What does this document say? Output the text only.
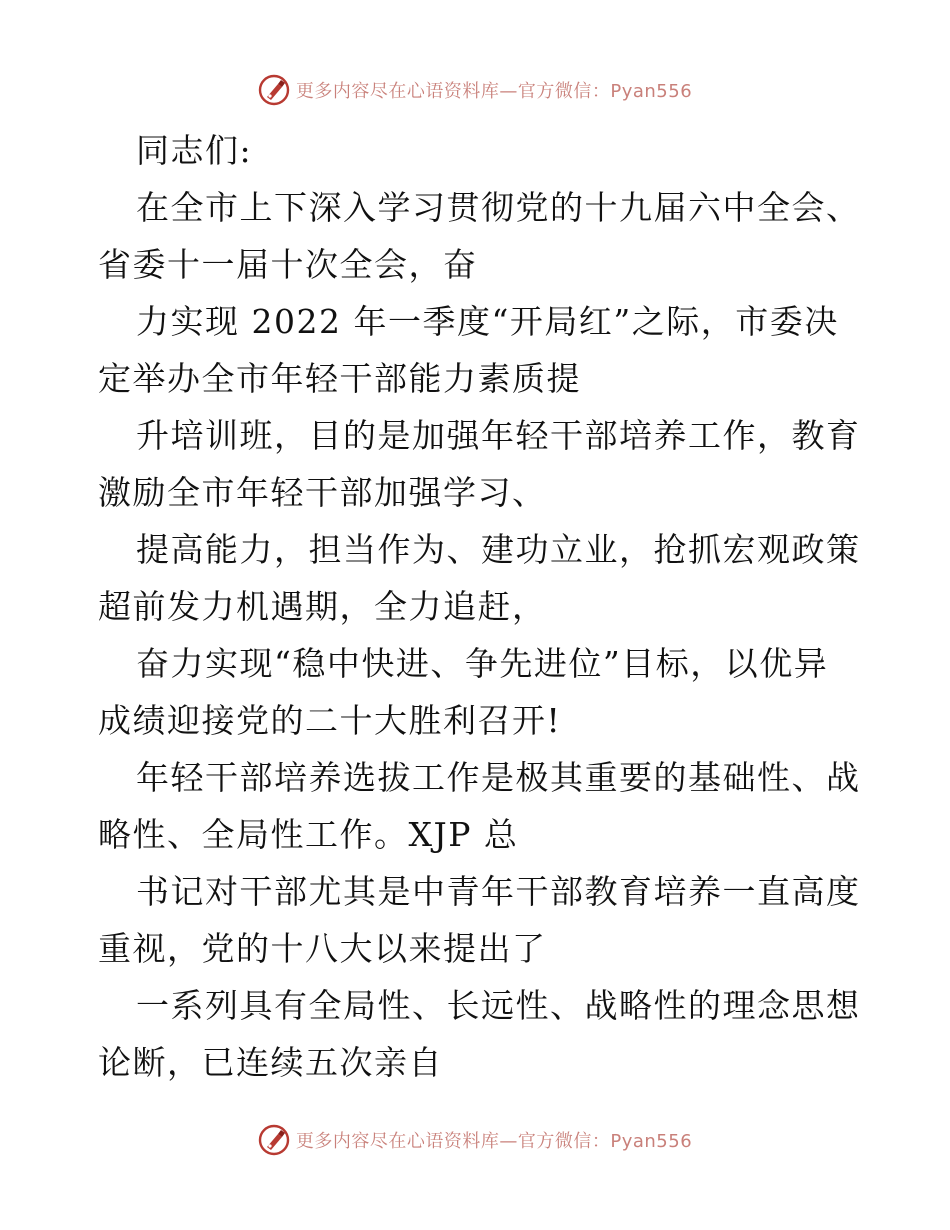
更多内容尽在心语资料库—官方微信：Pyan556
同志们:
在全市上下深入学习贯彻党的十九届六中全会、
省委十一届十次全会，奋
力实现 2022 年一季度“开局红”之际，市委决
定举办全市年轻干部能力素质提
升培训班，目的是加强年轻干部培养工作，教育
激励全市年轻干部加强学习、
提高能力，担当作为、建功立业，抢抓宏观政策
超前发力机遇期，全力追赶，
奋力实现“稳中快进、争先进位”目标，以优异
成绩迎接党的二十大胜利召开!
年轻干部培养选拔工作是极其重要的基础性、战
略性、全局性工作。XJP 总
书记对干部尤其是中青年干部教育培养一直高度
重视，党的十八大以来提出了
一系列具有全局性、长远性、战略性的理念思想
论断，已连续五次亲自
更多内容尽在心语资料库—官方微信：Pyan556
